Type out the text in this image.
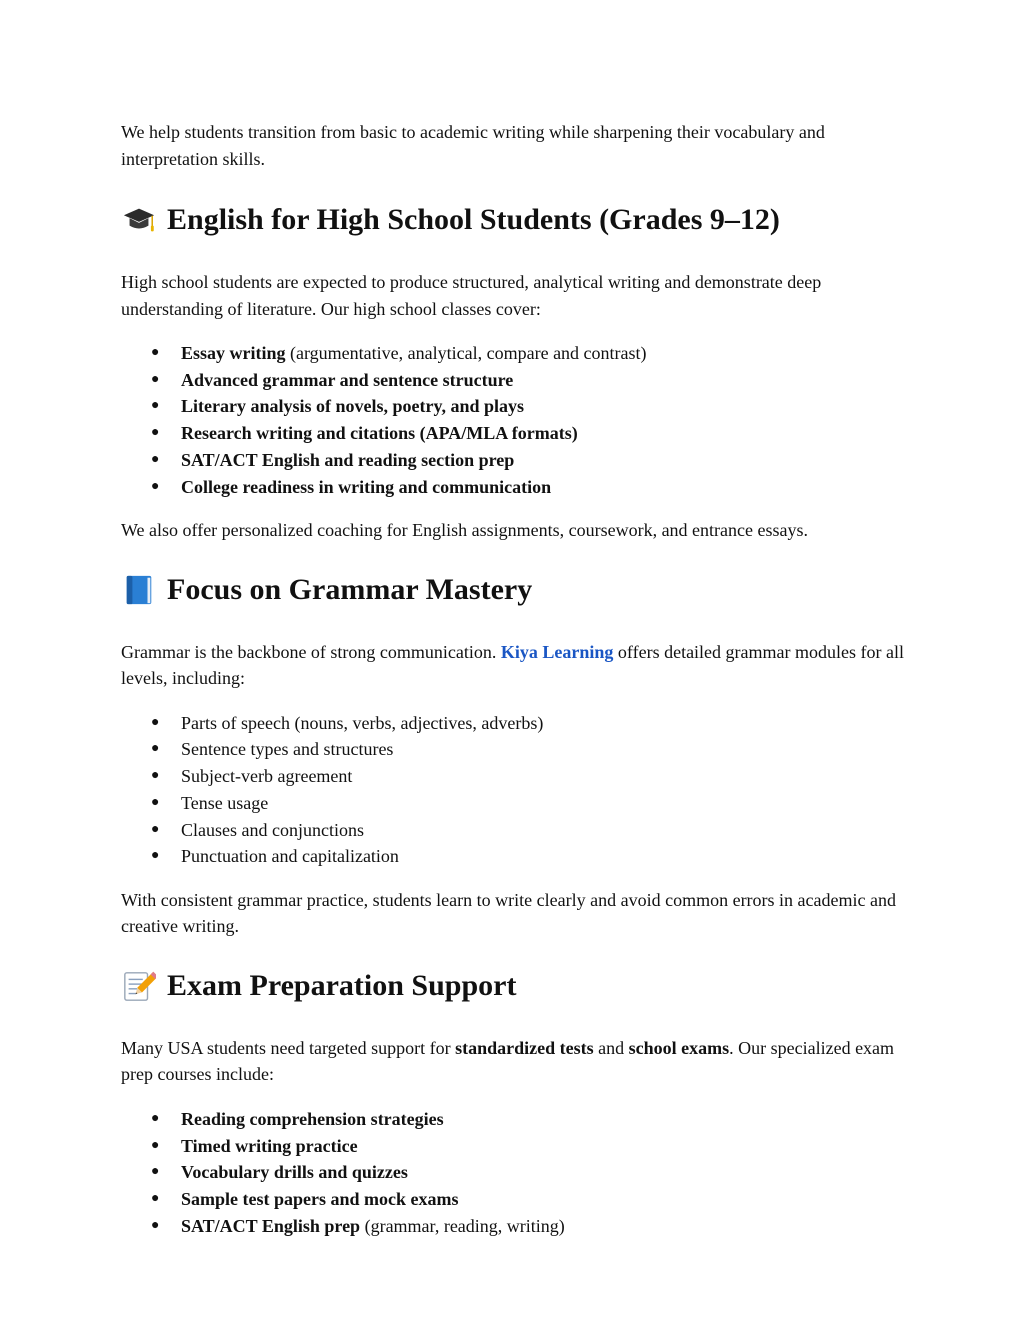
We help students transition from basic to academic writing while sharpening their vocabulary and interpretation skills.

English for High School Students (Grades 9–12)

High school students are expected to produce structured, analytical writing and demonstrate deep understanding of literature. Our high school classes cover:

● Essay writing (argumentative, analytical, compare and contrast)
● Advanced grammar and sentence structure
● Literary analysis of novels, poetry, and plays
● Research writing and citations (APA/MLA formats)
● SAT/ACT English and reading section prep
● College readiness in writing and communication

We also offer personalized coaching for English assignments, coursework, and entrance essays.

Focus on Grammar Mastery

Grammar is the backbone of strong communication. Kiya Learning offers detailed grammar modules for all levels, including:

● Parts of speech (nouns, verbs, adjectives, adverbs)
● Sentence types and structures
● Subject-verb agreement
● Tense usage
● Clauses and conjunctions
● Punctuation and capitalization

With consistent grammar practice, students learn to write clearly and avoid common errors in academic and creative writing.

Exam Preparation Support

Many USA students need targeted support for standardized tests and school exams. Our specialized exam prep courses include:

● Reading comprehension strategies
● Timed writing practice
● Vocabulary drills and quizzes
● Sample test papers and mock exams
● SAT/ACT English prep (grammar, reading, writing)
